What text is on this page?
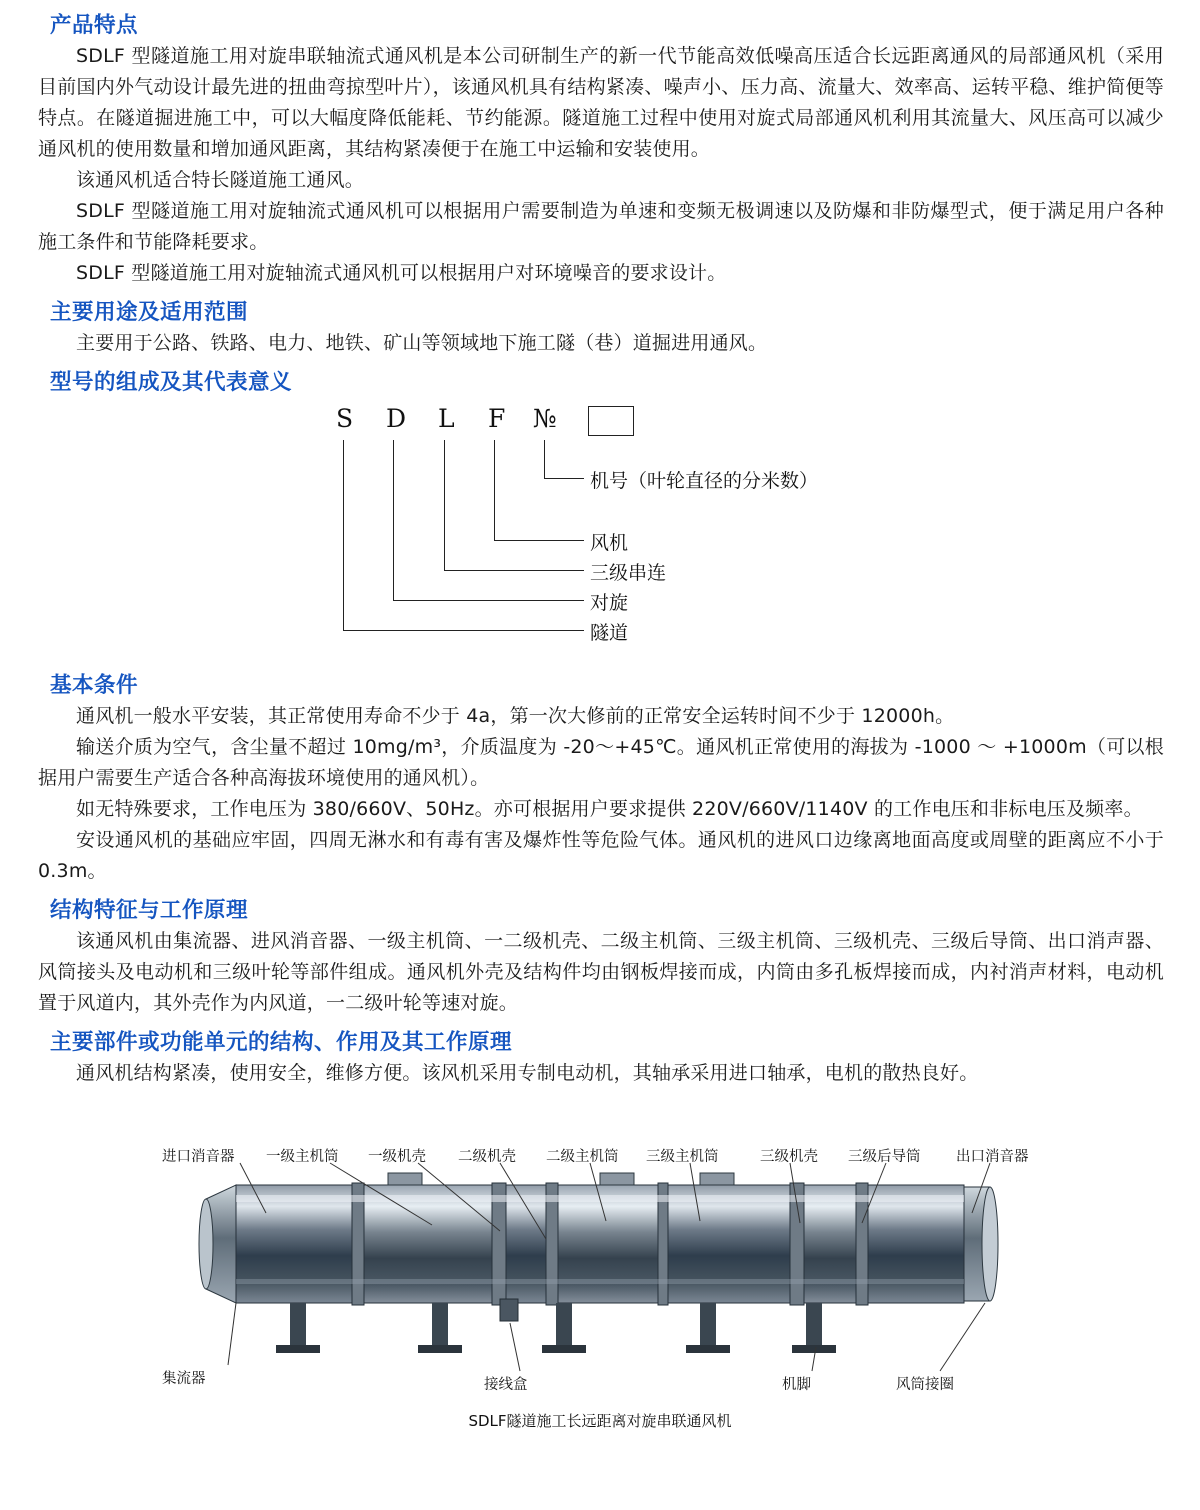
产品特点

SDLF 型隧道施工用对旋串联轴流式通风机是本公司研制生产的新一代节能高效低噪高压适合长远距离通风的局部通风机（采用目前国内外气动设计最先进的扭曲弯掠型叶片），该通风机具有结构紧凑、噪声小、压力高、流量大、效率高、运转平稳、维护简便等特点。在隧道掘进施工中，可以大幅度降低能耗、节约能源。隧道施工过程中使用对旋式局部通风机利用其流量大、风压高可以减少通风机的使用数量和增加通风距离，其结构紧凑便于在施工中运输和安装使用。

该通风机适合特长隧道施工通风。

SDLF 型隧道施工用对旋轴流式通风机可以根据用户需要制造为单速和变频无极调速以及防爆和非防爆型式，便于满足用户各种施工条件和节能降耗要求。

SDLF 型隧道施工用对旋轴流式通风机可以根据用户对环境噪音的要求设计。

主要用途及适用范围

主要用于公路、铁路、电力、地铁、矿山等领域地下施工隧（巷）道掘进用通风。

型号的组成及其代表意义
S D L F №
机号（叶轮直径的分米数）
风机
三级串连
对旋
隧道
基本条件

通风机一般水平安装，其正常使用寿命不少于 4a，第一次大修前的正常安全运转时间不少于 12000h。

输送介质为空气，含尘量不超过 10mg/m³，介质温度为 -20～+45℃。通风机正常使用的海拔为 -1000 ～ +1000m（可以根据用户需要生产适合各种高海拔环境使用的通风机）。

如无特殊要求，工作电压为 380/660V、50Hz。亦可根据用户要求提供 220V/660V/1140V 的工作电压和非标电压及频率。

安设通风机的基础应牢固，四周无淋水和有毒有害及爆炸性等危险气体。通风机的进风口边缘离地面高度或周壁的距离应不小于 0.3m。

结构特征与工作原理

该通风机由集流器、进风消音器、一级主机筒、一二级机壳、二级主机筒、三级主机筒、三级机壳、三级后导筒、出口消声器、风筒接头及电动机和三级叶轮等部件组成。通风机外壳及结构件均由钢板焊接而成，内筒由多孔板焊接而成，内衬消声材料，电动机置于风道内，其外壳作为内风道，一二级叶轮等速对旋。

主要部件或功能单元的结构、作用及其工作原理

通风机结构紧凑，使用安全，维修方便。该风机采用专制电动机，其轴承采用进口轴承，电机的散热良好。

进口消音器 一级主机筒 一级机壳 二级机壳 二级主机筒 三级主机筒	三级机壳 三级后导筒 出口消音器
集流器	接线盒	机脚	风筒接圈
SDLF隧道施工长远距离对旋串联通风机
